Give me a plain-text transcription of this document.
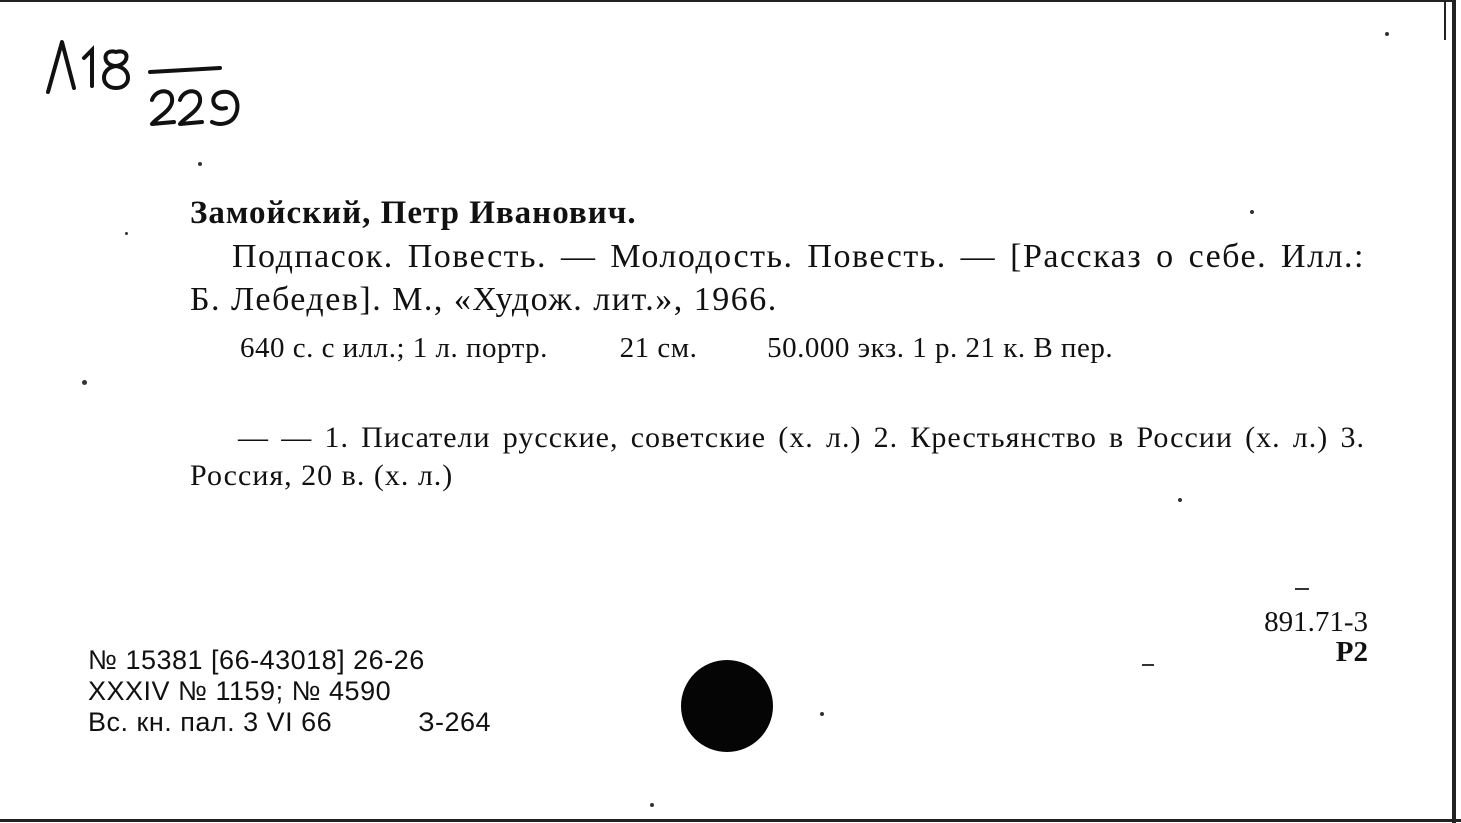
Замойский, Петр Иванович.

Подпасок. Повесть. — Молодость. Повесть. — [Рассказ о себе. Илл.: Б. Лебедев]. М., «Худож. лит.», 1966.

640 с. с илл.; 1 л. портр. 21 см. 50.000 экз. 1 р. 21 к. В пер.

— — 1. Писатели русские, советские (х. л.) 2. Крестьянство в России (х. л.) 3. Россия, 20 в. (х. л.)

891.71-3
Р2
№ 15381 [66-43018] 26-26
XXXIV № 1159; № 4590
Вс. кн. пал. 3 VI 66	З-264
